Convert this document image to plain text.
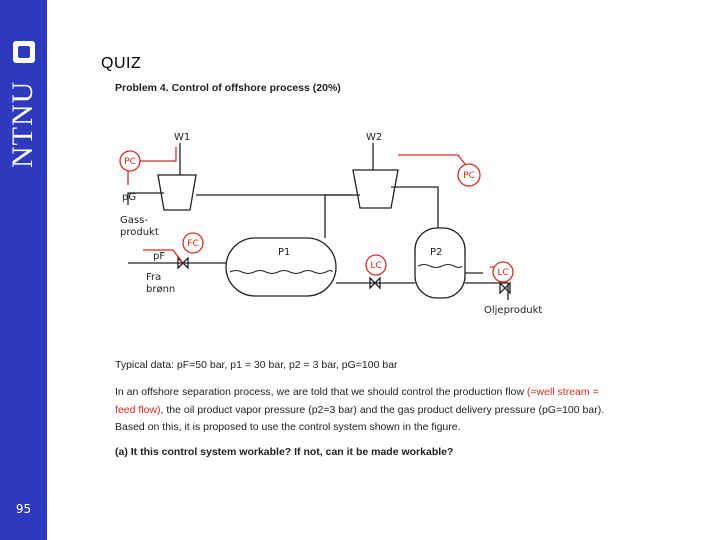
NTNU
95
QUIZ
Problem 4. Control of offshore process (20%)
PC
FC
LC
PC
LC
W1	W2
pG
pF	P1	P2
Gass-
produkt
Fra
brønn
Oljeprodukt
Typical data: pF=50 bar, p1 = 30 bar, p2 = 3 bar, pG=100 bar
In an offshore separation process, we are told that we should control the production flow (=well stream = feed flow), the oil product vapor pressure (p2=3 bar) and the gas product delivery pressure (pG=100 bar). Based on this, it is proposed to use the control system shown in the figure.
(a) It this control system workable? If not, can it be made workable?
